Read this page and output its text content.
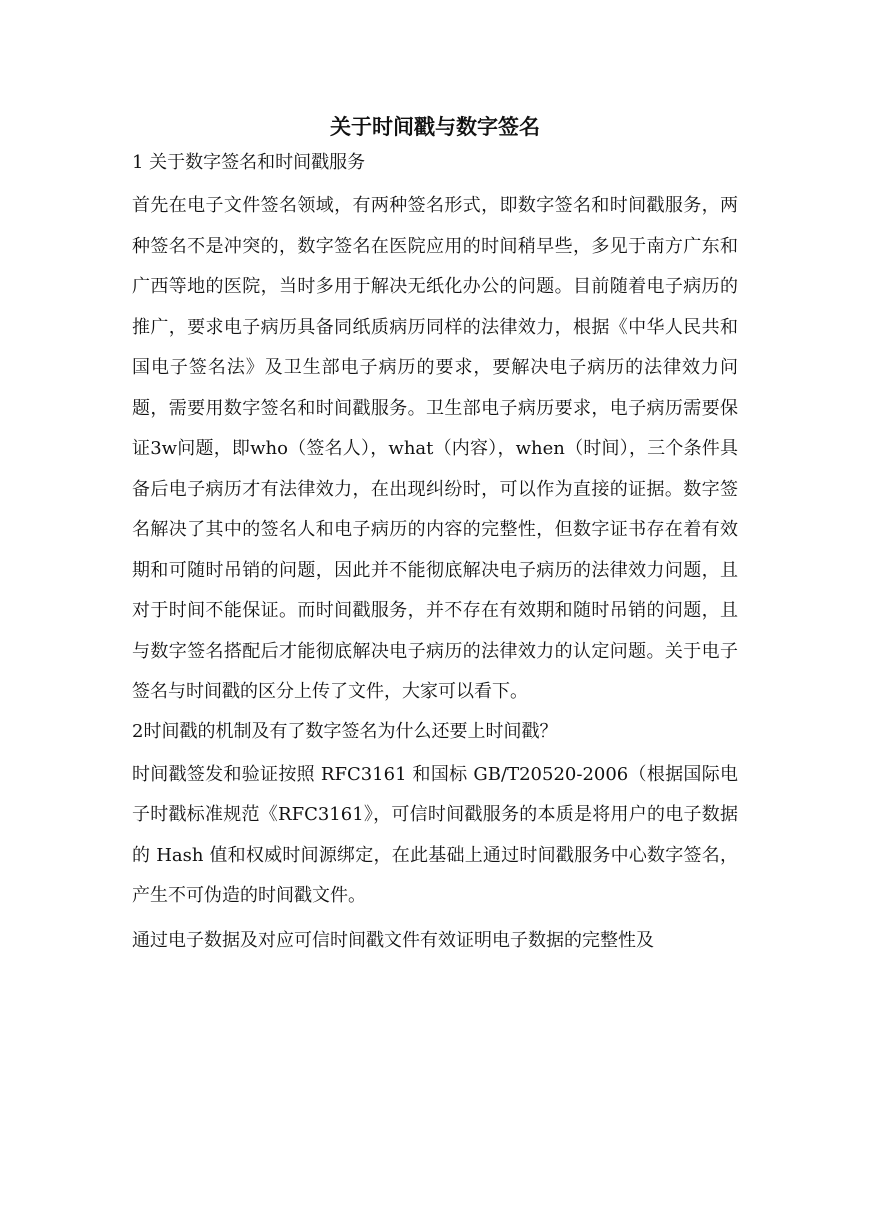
关于时间戳与数字签名
1 关于数字签名和时间戳服务

首先在电子文件签名领域，有两种签名形式，即数字签名和时间戳服务，两种签名不是冲突的，数字签名在医院应用的时间稍早些，多见于南方广东和广西等地的医院，当时多用于解决无纸化办公的问题。目前随着电子病历的推广，要求电子病历具备同纸质病历同样的法律效力，根据《中华人民共和国电子签名法》及卫生部电子病历的要求，要解决电子病历的法律效力问题，需要用数字签名和时间戳服务。卫生部电子病历要求，电子病历需要保证3w问题，即who（签名人），what（内容），when（时间），三个条件具备后电子病历才有法律效力，在出现纠纷时，可以作为直接的证据。数字签名解决了其中的签名人和电子病历的内容的完整性，但数字证书存在着有效期和可随时吊销的问题，因此并不能彻底解决电子病历的法律效力问题，且对于时间不能保证。而时间戳服务，并不存在有效期和随时吊销的问题，且与数字签名搭配后才能彻底解决电子病历的法律效力的认定问题。关于电子签名与时间戳的区分上传了文件，大家可以看下。

2时间戳的机制及有了数字签名为什么还要上时间戳？

时间戳签发和验证按照 RFC3161 和国标 GB/T20520-2006（根据国际电子时戳标准规范《RFC3161》，可信时间戳服务的本质是将用户的电子数据的 Hash 值和权威时间源绑定，在此基础上通过时间戳服务中心数字签名，产生不可伪造的时间戳文件。

通过电子数据及对应可信时间戳文件有效证明电子数据的完整性及
